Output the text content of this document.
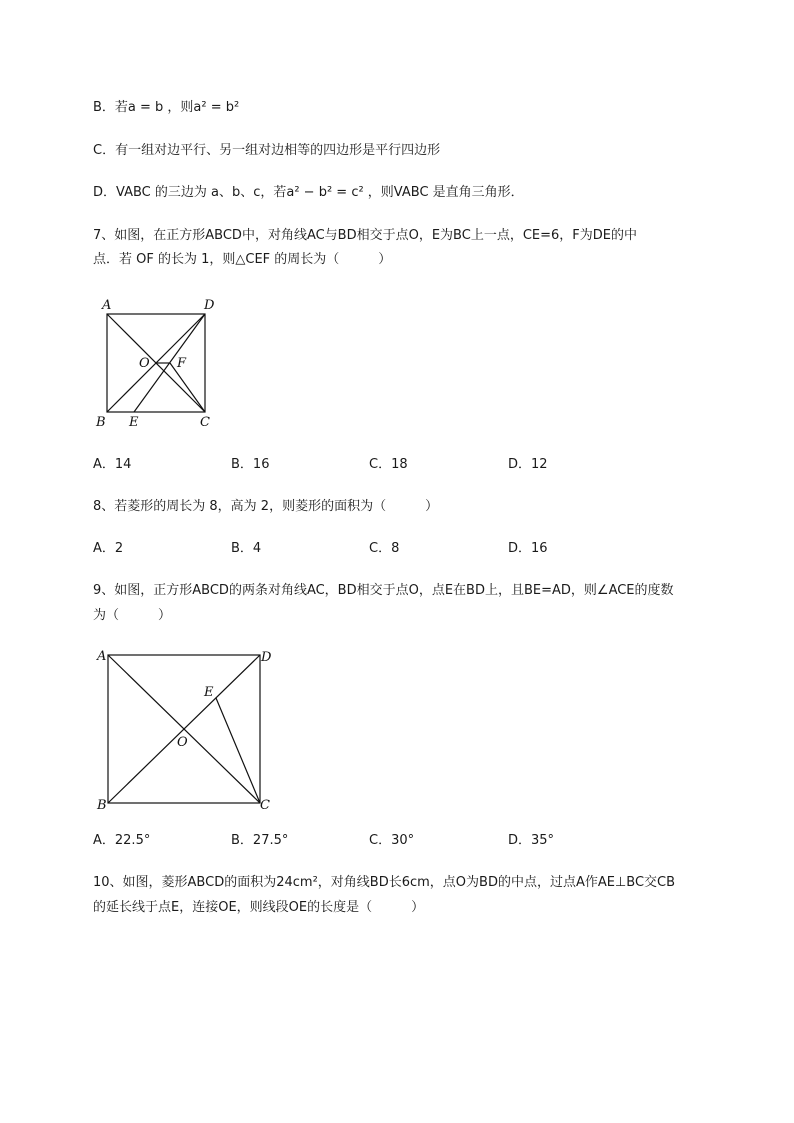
B．若a = b ，则a² = b²
C．有一组对边平行、另一组对边相等的四边形是平行四边形
D．VABC 的三边为 a、b、c，若a² − b² = c² ，则VABC 是直角三角形．
7、如图，在正方形ABCD中，对角线AC与BD相交于点O，E为BC上一点，CE=6，F为DE的中
点．若 OF 的长为 1，则△CEF 的周长为（　　　）
A	D
O F
B E	C
A．14	B．16	C．18	D．12
8、若菱形的周长为 8，高为 2，则菱形的面积为（　　　）
A．2	B．4	C．8	D．16
9、如图，正方形ABCD的两条对角线AC，BD相交于点O，点E在BD上，且BE=AD，则∠ACE的度数
为（　　　）
A	D
E
O
B	C
A．22.5°	B．27.5°	C．30°	D．35°
10、如图，菱形ABCD的面积为24cm²，对角线BD长6cm，点O为BD的中点，过点A作AE⊥BC交CB
的延长线于点E，连接OE，则线段OE的长度是（　　　）
